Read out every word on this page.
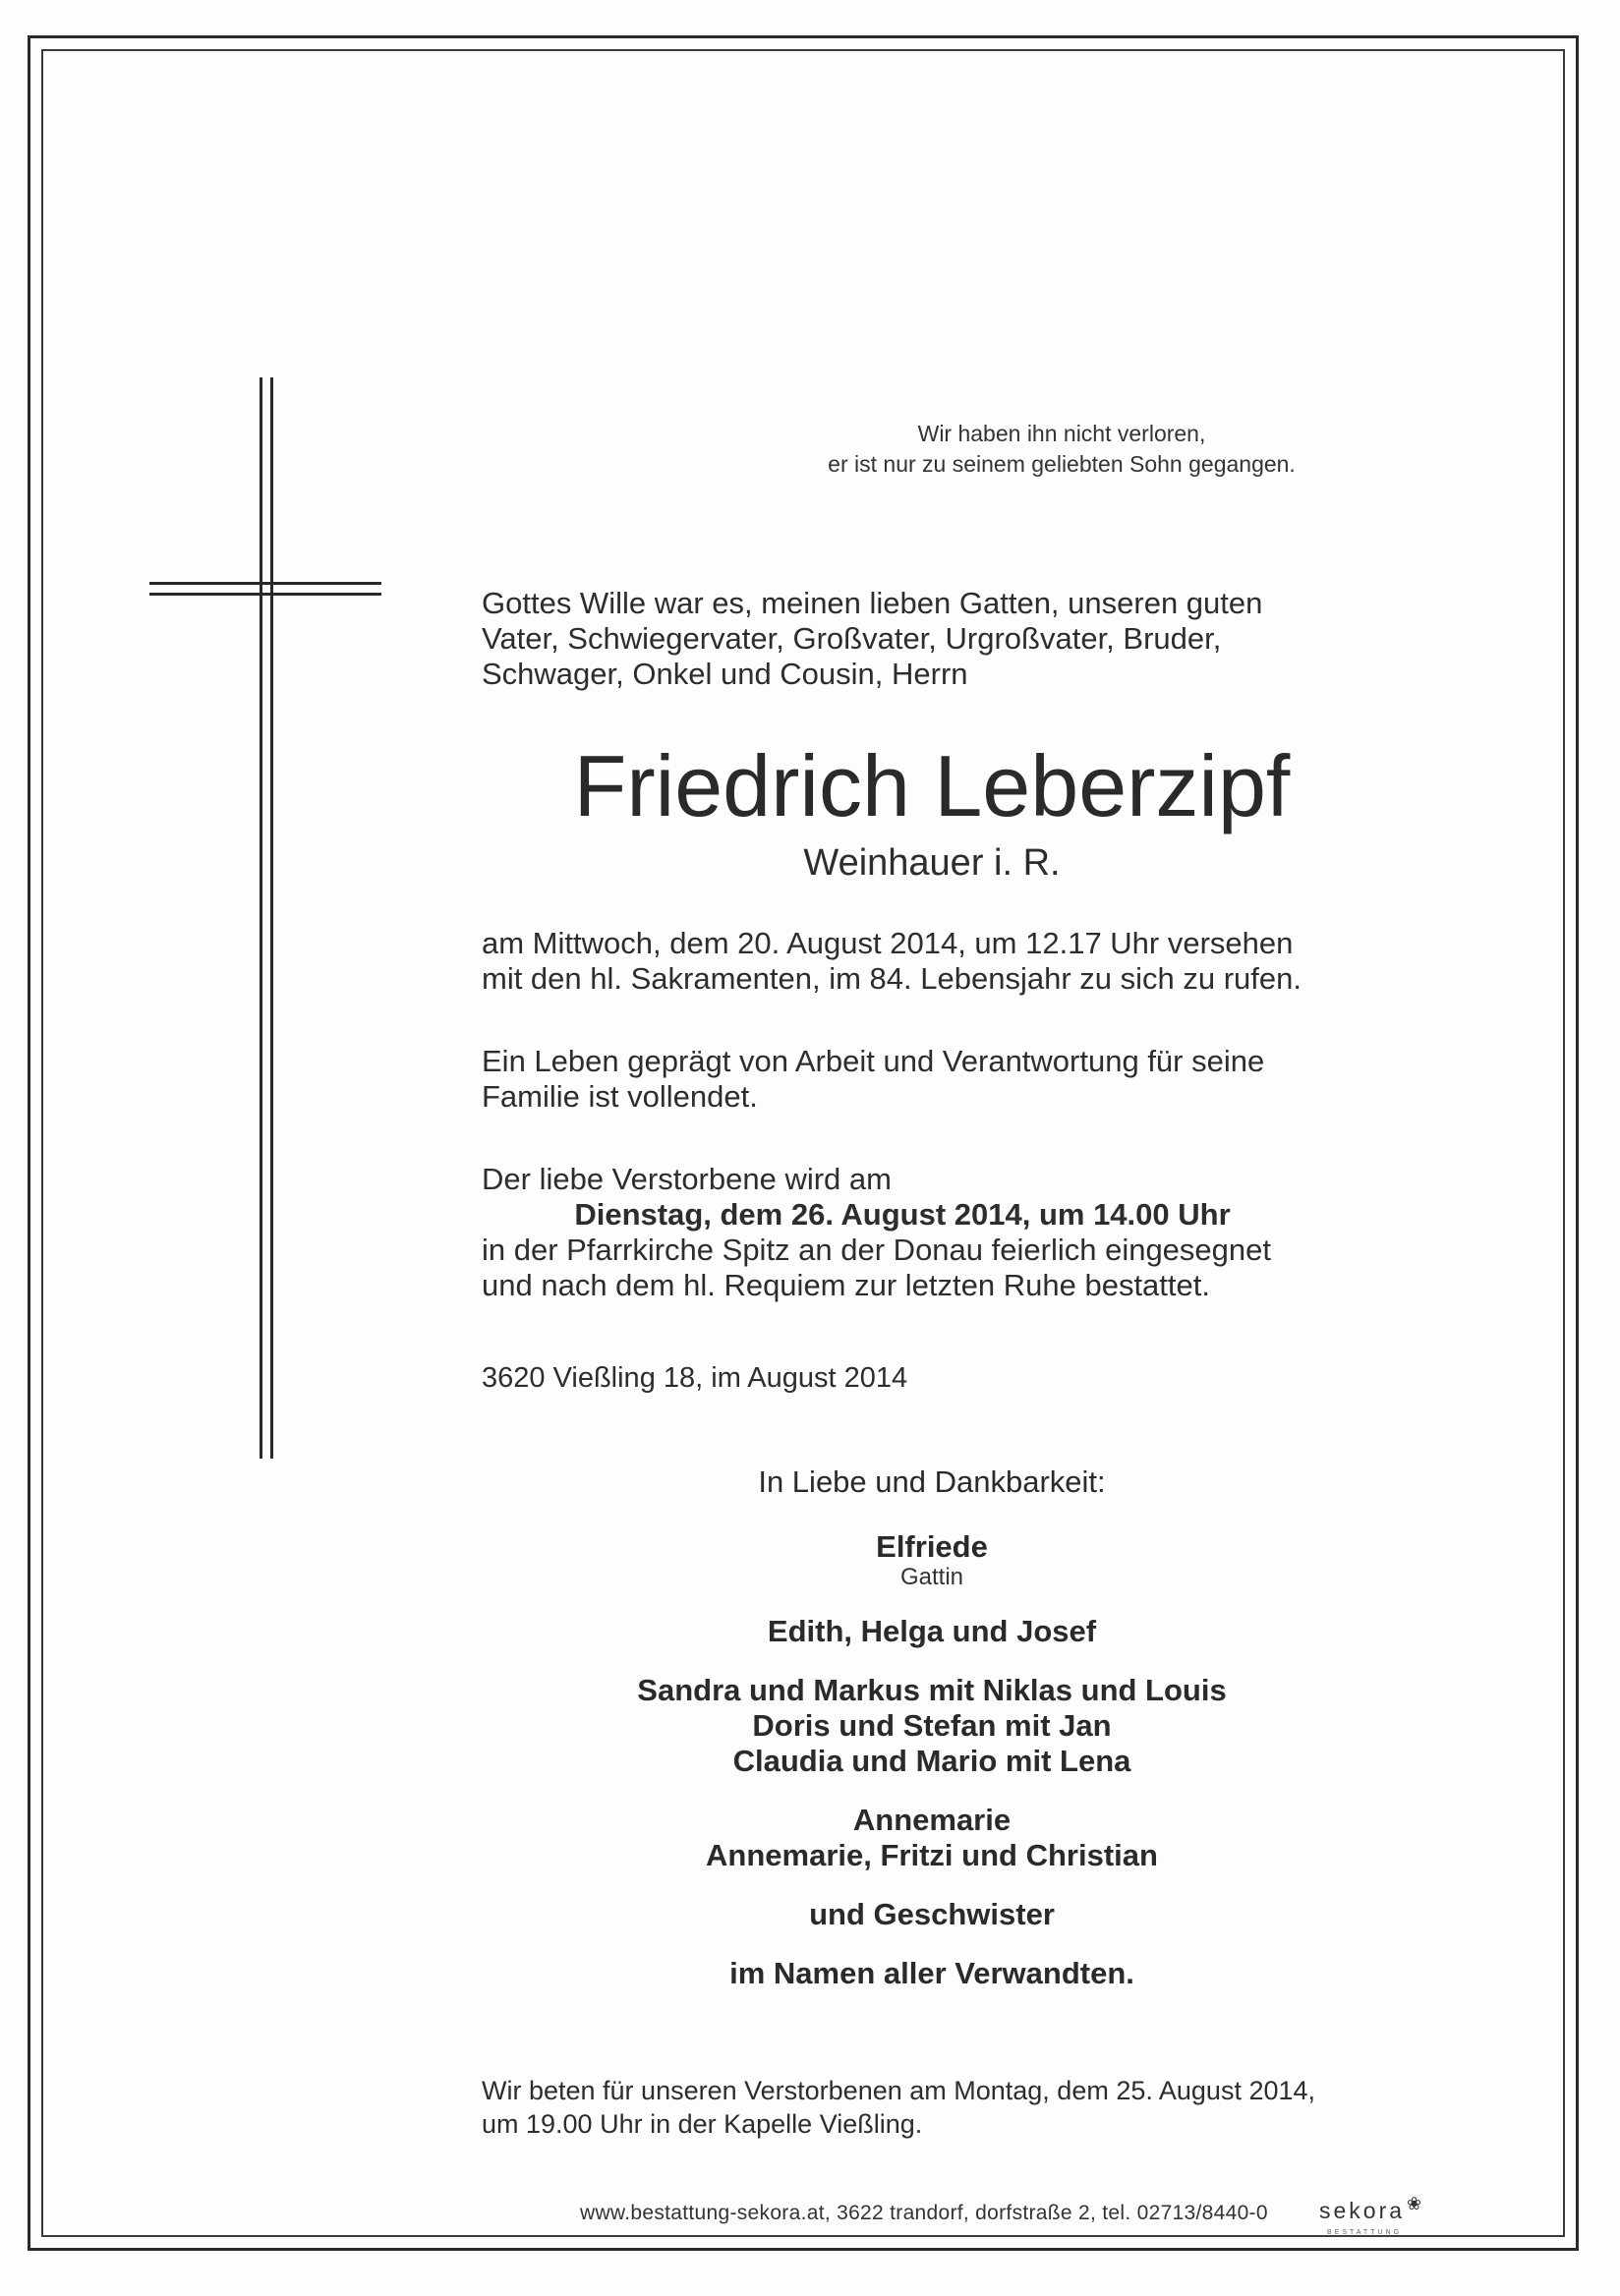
Wir haben ihn nicht verloren,

er ist nur zu seinem geliebten Sohn gegangen.

Gottes Wille war es, meinen lieben Gatten, unseren guten

Vater, Schwiegervater, Großvater, Urgroßvater, Bruder,

Schwager, Onkel und Cousin, Herrn

Friedrich Leberzipf
Weinhauer i. R.

am Mittwoch, dem 20. August 2014, um 12.17 Uhr versehen

mit den hl. Sakramenten, im 84. Lebensjahr zu sich zu rufen.

Ein Leben geprägt von Arbeit und Verantwortung für seine

Familie ist vollendet.

Der liebe Verstorbene wird am

Dienstag, dem 26. August 2014, um 14.00 Uhr

in der Pfarrkirche Spitz an der Donau feierlich eingesegnet

und nach dem hl. Requiem zur letzten Ruhe bestattet.

3620 Vießling 18, im August 2014

In Liebe und Dankbarkeit:

Elfriede

Gattin

Edith, Helga und Josef

Sandra und Markus mit Niklas und Louis

Doris und Stefan mit Jan

Claudia und Mario mit Lena

Annemarie

Annemarie, Fritzi und Christian

und Geschwister

im Namen aller Verwandten.

Wir beten für unseren Verstorbenen am Montag, dem 25. August 2014,

um 19.00 Uhr in der Kapelle Vießling.

www.bestattung-sekora.at, 3622 trandorf, dorfstraße 2, tel. 02713/8440-0 sekora ❀
BESTATTUNG
